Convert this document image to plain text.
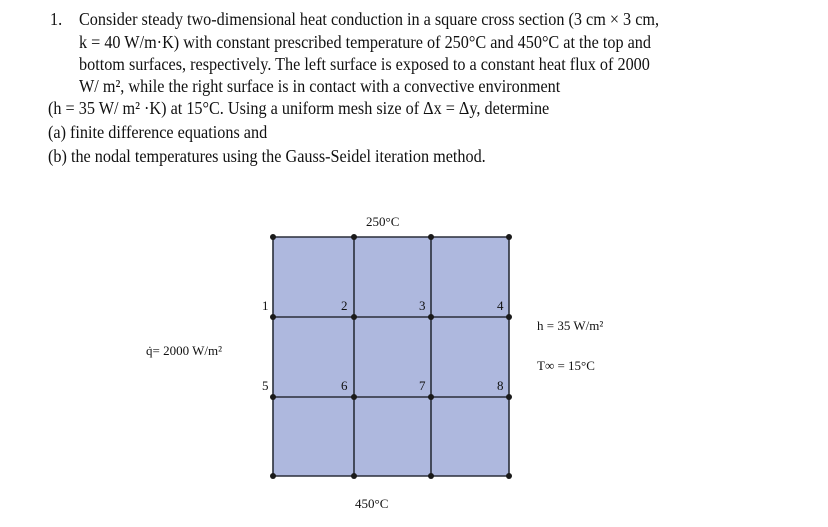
1. Consider steady two-dimensional heat conduction in a square cross section (3 cm × 3 cm,
k = 40 W/m·K) with constant prescribed temperature of 250°C and 450°C at the top and
bottom surfaces, respectively. The left surface is exposed to a constant heat flux of 2000
W/ m², while the right surface is in contact with a convective environment
(h = 35 W/ m² ·K) at 15°C. Using a uniform mesh size of Δx = Δy, determine
(a) finite difference equations and
(b) the nodal temperatures using the Gauss-Seidel iteration method.
1	2	3	4
5	6	7	8
250°C
450°C
q̇= 2000 W/m²
h = 35 W/m²
T∞ = 15°C
